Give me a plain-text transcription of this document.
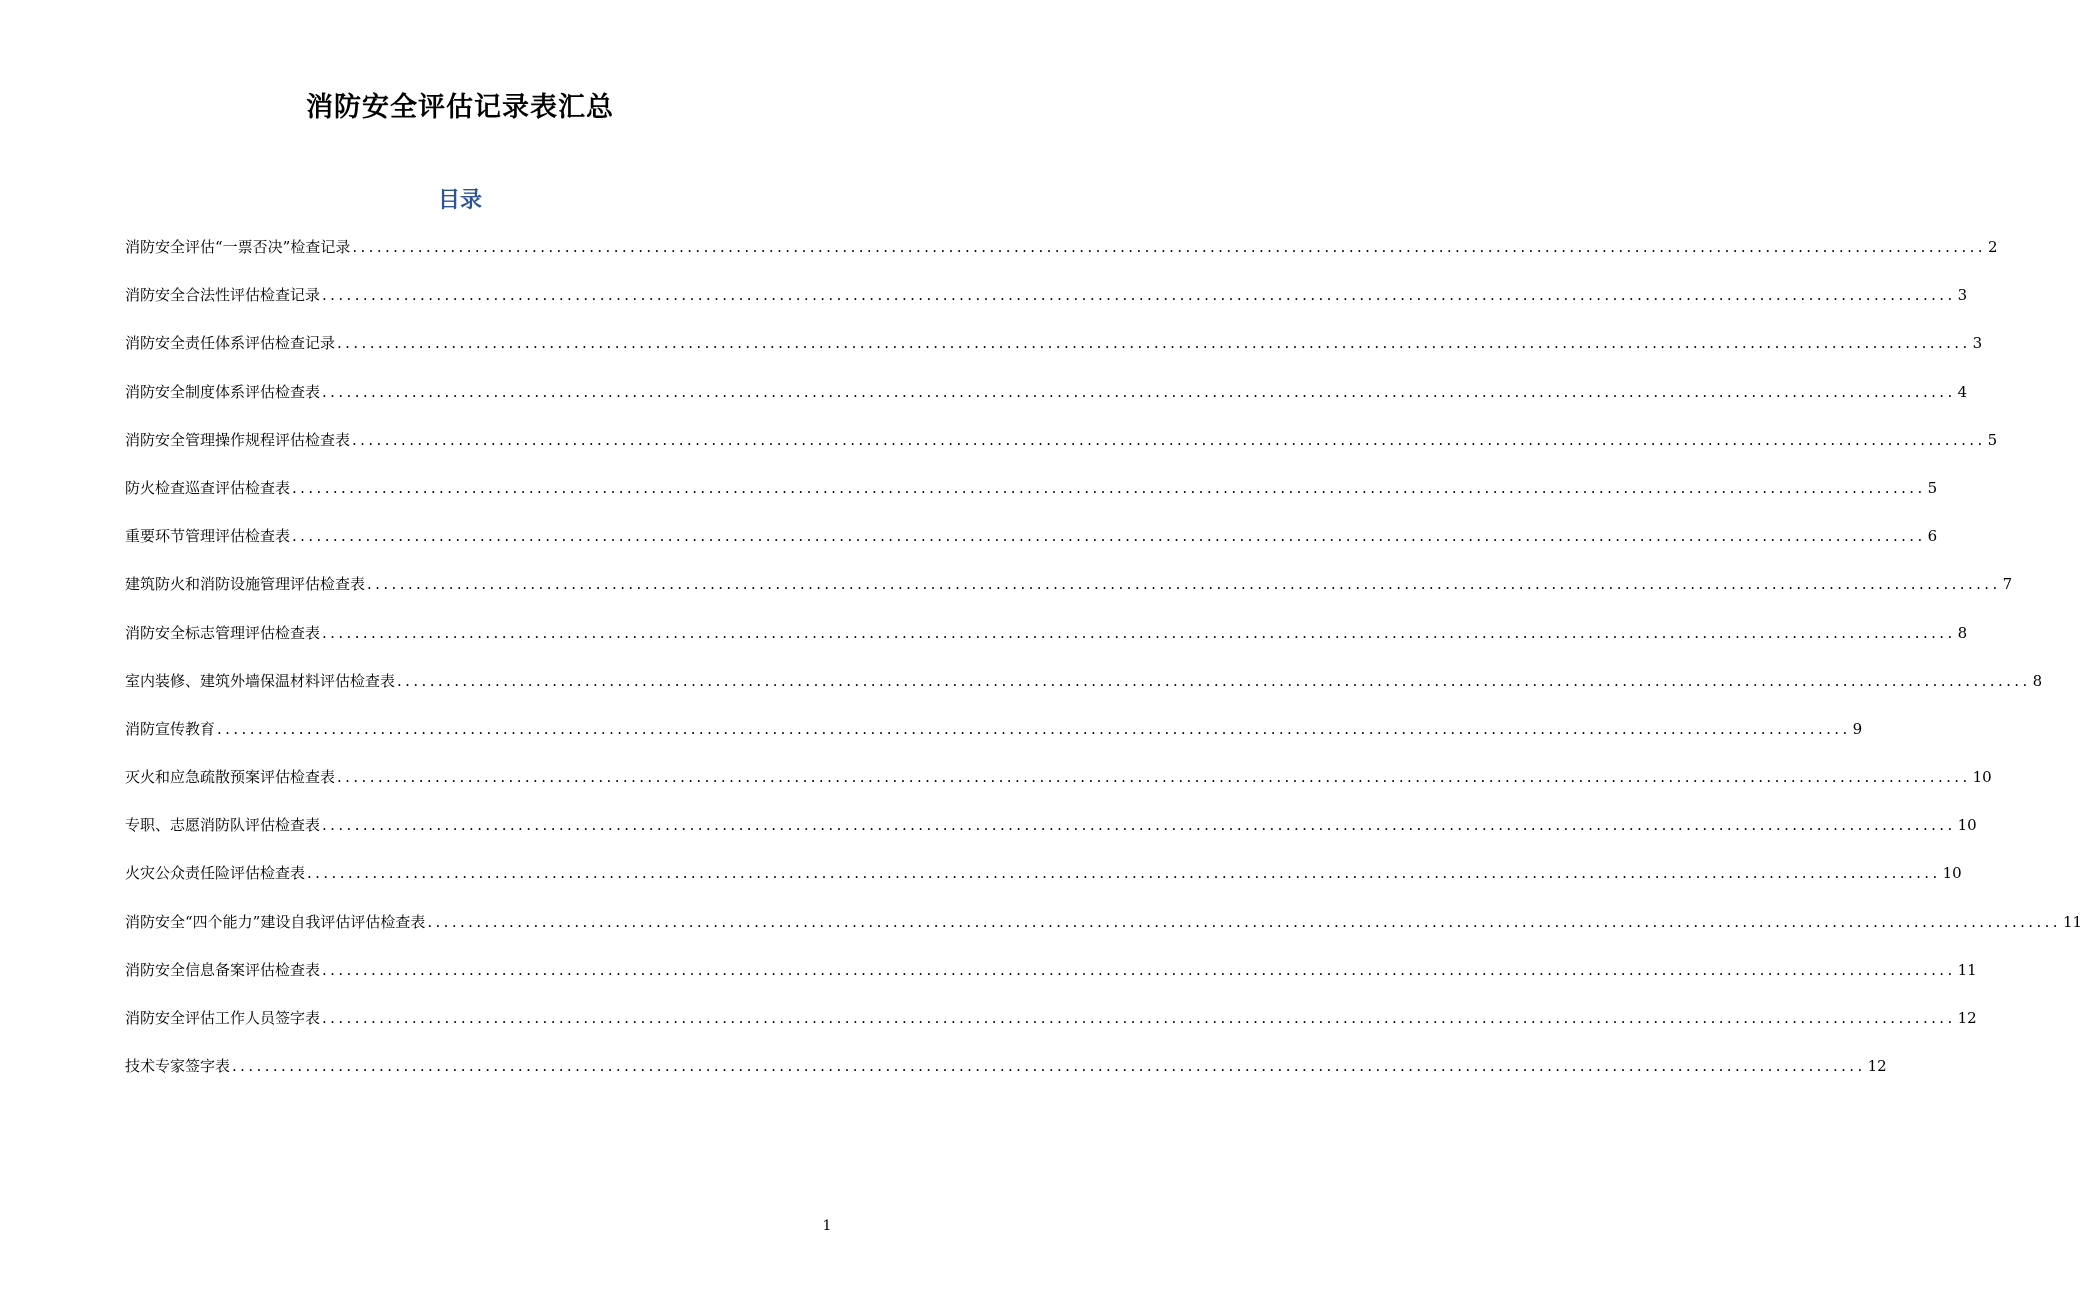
消防安全评估记录表汇总
目录
消防安全评估“一票否决”检查记录 ........................................................................................................................................................................................................ 2
消防安全合法性评估检查记录 ........................................................................................................................................................................................................ 3
消防安全责任体系评估检查记录 ........................................................................................................................................................................................................ 3
消防安全制度体系评估检查表 ........................................................................................................................................................................................................ 4
消防安全管理操作规程评估检查表 ........................................................................................................................................................................................................ 5
防火检查巡查评估检查表 ........................................................................................................................................................................................................ 5
重要环节管理评估检查表 ........................................................................................................................................................................................................ 6
建筑防火和消防设施管理评估检查表 ........................................................................................................................................................................................................ 7
消防安全标志管理评估检查表 ........................................................................................................................................................................................................ 8
室内装修、建筑外墙保温材料评估检查表 ........................................................................................................................................................................................................ 8
消防宣传教育 ........................................................................................................................................................................................................ 9
灭火和应急疏散预案评估检查表 ........................................................................................................................................................................................................ 10
专职、志愿消防队评估检查表 ........................................................................................................................................................................................................ 10
火灾公众责任险评估检查表 ........................................................................................................................................................................................................ 10
消防安全“四个能力”建设自我评估评估检查表 ........................................................................................................................................................................................................ 11
消防安全信息备案评估检查表 ........................................................................................................................................................................................................ 11
消防安全评估工作人员签字表 ........................................................................................................................................................................................................ 12
技术专家签字表 ........................................................................................................................................................................................................ 12
1
